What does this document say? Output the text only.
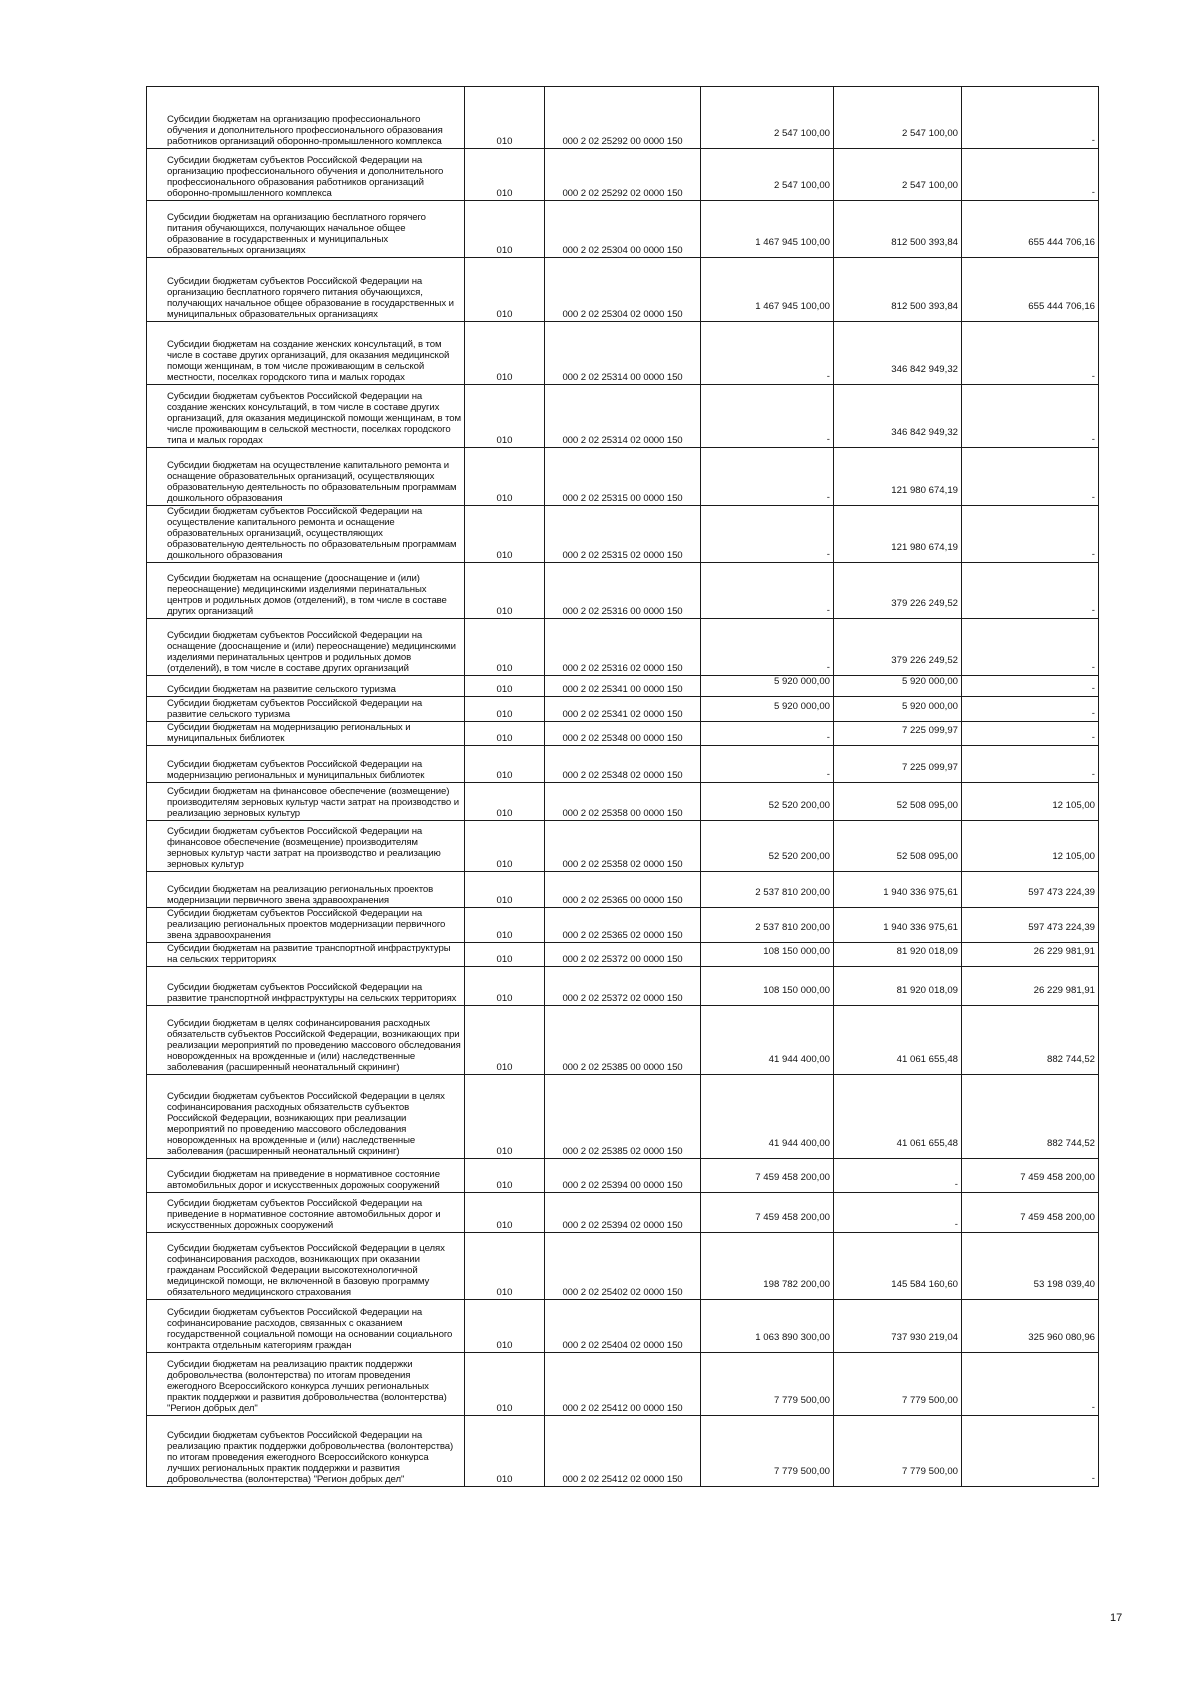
Субсидии бюджетам на организацию профессионального обучения и дополнительного профессионального образования работников организаций оборонно-промышленного комплекса	010	000 2 02 25292 00 0000 150	2 547 100,00	2 547 100,00	-
Субсидии бюджетам субъектов Российской Федерации на организацию профессионального обучения и дополнительного профессионального образования работников организаций оборонно-промышленного комплекса	010	000 2 02 25292 02 0000 150	2 547 100,00	2 547 100,00	-
Субсидии бюджетам на организацию бесплатного горячего питания обучающихся, получающих начальное общее образование в государственных и муниципальных образовательных организациях	010	000 2 02 25304 00 0000 150	1 467 945 100,00	812 500 393,84	655 444 706,16
Субсидии бюджетам субъектов Российской Федерации на организацию бесплатного горячего питания обучающихся, получающих начальное общее образование в государственных и муниципальных образовательных организациях	010	000 2 02 25304 02 0000 150	1 467 945 100,00	812 500 393,84	655 444 706,16
Субсидии бюджетам на создание женских консультаций, в том числе в составе других организаций, для оказания медицинской помощи женщинам, в том числе проживающим в сельской местности, поселках городского типа и малых городах	010	000 2 02 25314 00 0000 150	-	346 842 949,32	-
Субсидии бюджетам субъектов Российской Федерации на создание женских консультаций, в том числе в составе других организаций, для оказания медицинской помощи женщинам, в том числе проживающим в сельской местности, поселках городского типа и малых городах	010	000 2 02 25314 02 0000 150	-	346 842 949,32	-
Субсидии бюджетам на осуществление капитального ремонта и оснащение образовательных организаций, осуществляющих образовательную деятельность по образовательным программам дошкольного образования	010	000 2 02 25315 00 0000 150	-	121 980 674,19	-
Субсидии бюджетам субъектов Российской Федерации на осуществление капитального ремонта и оснащение образовательных организаций, осуществляющих образовательную деятельность по образовательным программам дошкольного образования	010	000 2 02 25315 02 0000 150	-	121 980 674,19	-
Субсидии бюджетам на оснащение (дооснащение и (или) переоснащение) медицинскими изделиями перинатальных центров и родильных домов (отделений), в том числе в составе других организаций	010	000 2 02 25316 00 0000 150	-	379 226 249,52	-
Субсидии бюджетам субъектов Российской Федерации на оснащение (дооснащение и (или) переоснащение) медицинскими изделиями перинатальных центров и родильных домов (отделений), в том числе в составе других организаций	010	000 2 02 25316 02 0000 150	-	379 226 249,52	-
Субсидии бюджетам на развитие сельского туризма	010	000 2 02 25341 00 0000 150	5 920 000,00	5 920 000,00	-
Субсидии бюджетам субъектов Российской Федерации на развитие сельского туризма	010	000 2 02 25341 02 0000 150	5 920 000,00	5 920 000,00	-
Субсидии бюджетам на модернизацию региональных и муниципальных библиотек	010	000 2 02 25348 00 0000 150	-	7 225 099,97	-
Субсидии бюджетам субъектов Российской Федерации на модернизацию региональных и муниципальных библиотек	010	000 2 02 25348 02 0000 150	-	7 225 099,97	-
Субсидии бюджетам на финансовое обеспечение (возмещение) производителям зерновых культур части затрат на производство и реализацию зерновых культур	010	000 2 02 25358 00 0000 150	52 520 200,00	52 508 095,00	12 105,00
Субсидии бюджетам субъектов Российской Федерации на финансовое обеспечение (возмещение) производителям зерновых культур части затрат на производство и реализацию зерновых культур	010	000 2 02 25358 02 0000 150	52 520 200,00	52 508 095,00	12 105,00
Субсидии бюджетам на реализацию региональных проектов модернизации первичного звена здравоохранения	010	000 2 02 25365 00 0000 150	2 537 810 200,00	1 940 336 975,61	597 473 224,39
Субсидии бюджетам субъектов Российской Федерации на реализацию региональных проектов модернизации первичного звена здравоохранения	010	000 2 02 25365 02 0000 150	2 537 810 200,00	1 940 336 975,61	597 473 224,39
Субсидии бюджетам на развитие транспортной инфраструктуры на сельских территориях	010	000 2 02 25372 00 0000 150	108 150 000,00	81 920 018,09	26 229 981,91
Субсидии бюджетам субъектов Российской Федерации на развитие транспортной инфраструктуры на сельских территориях	010	000 2 02 25372 02 0000 150	108 150 000,00	81 920 018,09	26 229 981,91
Субсидии бюджетам в целях софинансирования расходных обязательств субъектов Российской Федерации, возникающих при реализации мероприятий по проведению массового обследования новорожденных на врожденные и (или) наследственные заболевания (расширенный неонатальный скрининг)	010	000 2 02 25385 00 0000 150	41 944 400,00	41 061 655,48	882 744,52
Субсидии бюджетам субъектов Российской Федерации в целях софинансирования расходных обязательств субъектов Российской Федерации, возникающих при реализации мероприятий по проведению массового обследования новорожденных на врожденные и (или) наследственные заболевания (расширенный неонатальный скрининг)	010	000 2 02 25385 02 0000 150	41 944 400,00	41 061 655,48	882 744,52
Субсидии бюджетам на приведение в нормативное состояние автомобильных дорог и искусственных дорожных сооружений	010	000 2 02 25394 00 0000 150	7 459 458 200,00	-	7 459 458 200,00
Субсидии бюджетам субъектов Российской Федерации на приведение в нормативное состояние автомобильных дорог и искусственных дорожных сооружений	010	000 2 02 25394 02 0000 150	7 459 458 200,00	-	7 459 458 200,00
Субсидии бюджетам субъектов Российской Федерации в целях софинансирования расходов, возникающих при оказании гражданам Российской Федерации высокотехнологичной медицинской помощи, не включенной в базовую программу обязательного медицинского страхования	010	000 2 02 25402 02 0000 150	198 782 200,00	145 584 160,60	53 198 039,40
Субсидии бюджетам субъектов Российской Федерации на софинансирование расходов, связанных с оказанием государственной социальной помощи на основании социального контракта отдельным категориям граждан	010	000 2 02 25404 02 0000 150	1 063 890 300,00	737 930 219,04	325 960 080,96
Субсидии бюджетам на реализацию практик поддержки добровольчества (волонтерства) по итогам проведения ежегодного Всероссийского конкурса лучших региональных практик поддержки и развития добровольчества (волонтерства) "Регион добрых дел"	010	000 2 02 25412 00 0000 150	7 779 500,00	7 779 500,00	-
Субсидии бюджетам субъектов Российской Федерации на реализацию практик поддержки добровольчества (волонтерства) по итогам проведения ежегодного Всероссийского конкурса лучших региональных практик поддержки и развития добровольчества (волонтерства) "Регион добрых дел"	010	000 2 02 25412 02 0000 150	7 779 500,00	7 779 500,00	-
17
